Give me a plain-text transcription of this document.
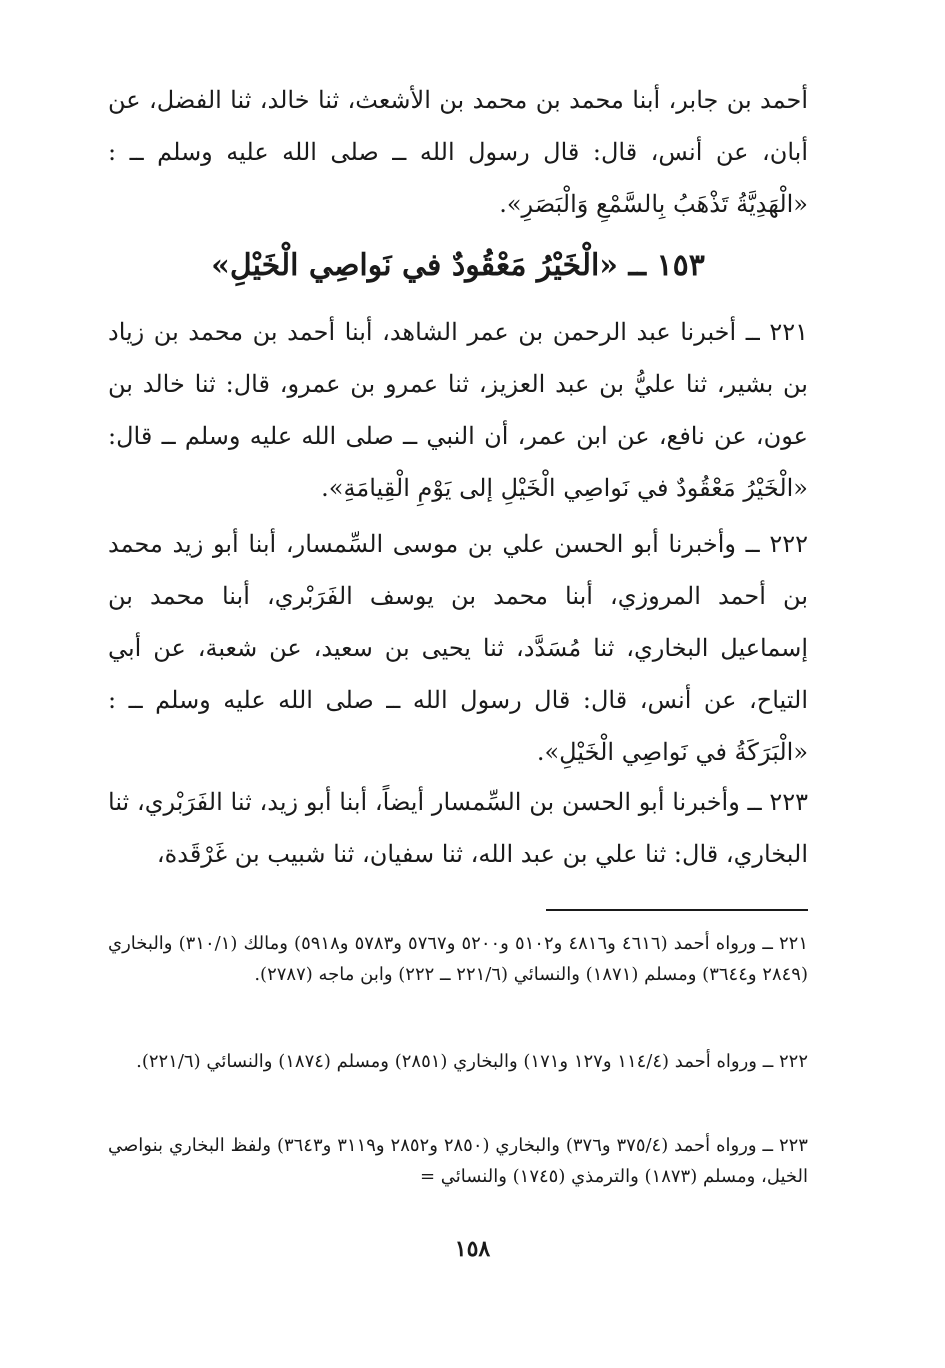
أحمد بن جابر، أبنا محمد بن محمد بن الأشعث، ثنا خالد، ثنا الفضل، عن أبان، عن أنس، قال: قال رسول الله ــ صلى الله عليه وسلم ــ : «الْهَدِيَّةُ تَذْهَبُ بِالسَّمْعِ وَالْبَصَرِ».

١٥٣ ــ «الْخَيْرُ مَعْقُودٌ في نَواصِي الْخَيْلِ»

٢٢١ ــ أخبرنا عبد الرحمن بن عمر الشاهد، أبنا أحمد بن محمد بن زياد بن بشير، ثنا عليُّ بن عبد العزيز، ثنا عمرو بن عمرو، قال: ثنا خالد بن عون، عن نافع، عن ابن عمر، أن النبي ــ صلى الله عليه وسلم ــ قال: «الْخَيْرُ مَعْقُودٌ في نَواصِي الْخَيْلِ إلى يَوْمِ الْقِيامَةِ».

٢٢٢ ــ وأخبرنا أبو الحسن علي بن موسى السِّمسار، أبنا أبو زيد محمد بن أحمد المروزي، أبنا محمد بن يوسف الفَرَبْري، أبنا محمد بن إسماعيل البخاري، ثنا مُسَدَّد، ثنا يحيى بن سعيد، عن شعبة، عن أبي التياح، عن أنس، قال: قال رسول الله ــ صلى الله عليه وسلم ــ : «الْبَرَكَةُ في نَواصِي الْخَيْلِ».

٢٢٣ ــ وأخبرنا أبو الحسن بن السِّمسار أيضاً، أبنا أبو زيد، ثنا الفَرَبْري، ثنا البخاري، قال: ثنا علي بن عبد الله، ثنا سفيان، ثنا شبيب بن غَرْقَدة،

٢٢١ ــ ورواه أحمد (٤٦١٦ و٤٨١٦ و٥١٠٢ و٥٢٠٠ و٥٧٦٧ و٥٧٨٣ و٥٩١٨) ومالك (٣١٠/١) والبخاري (٢٨٤٩ و٣٦٤٤) ومسلم (١٨٧١) والنسائي (٢٢١/٦ ــ ٢٢٢) وابن ماجه (٢٧٨٧).

٢٢٢ ــ ورواه أحمد (١١٤/٤ و١٢٧ و١٧١) والبخاري (٢٨٥١) ومسلم (١٨٧٤) والنسائي (٢٢١/٦).

٢٢٣ ــ ورواه أحمد (٣٧٥/٤ و٣٧٦) والبخاري (٢٨٥٠ و٢٨٥٢ و٣١١٩ و٣٦٤٣) ولفظ البخاري بنواصي الخيل، ومسلم (١٨٧٣) والترمذي (١٧٤٥) والنسائي =

١٥٨
